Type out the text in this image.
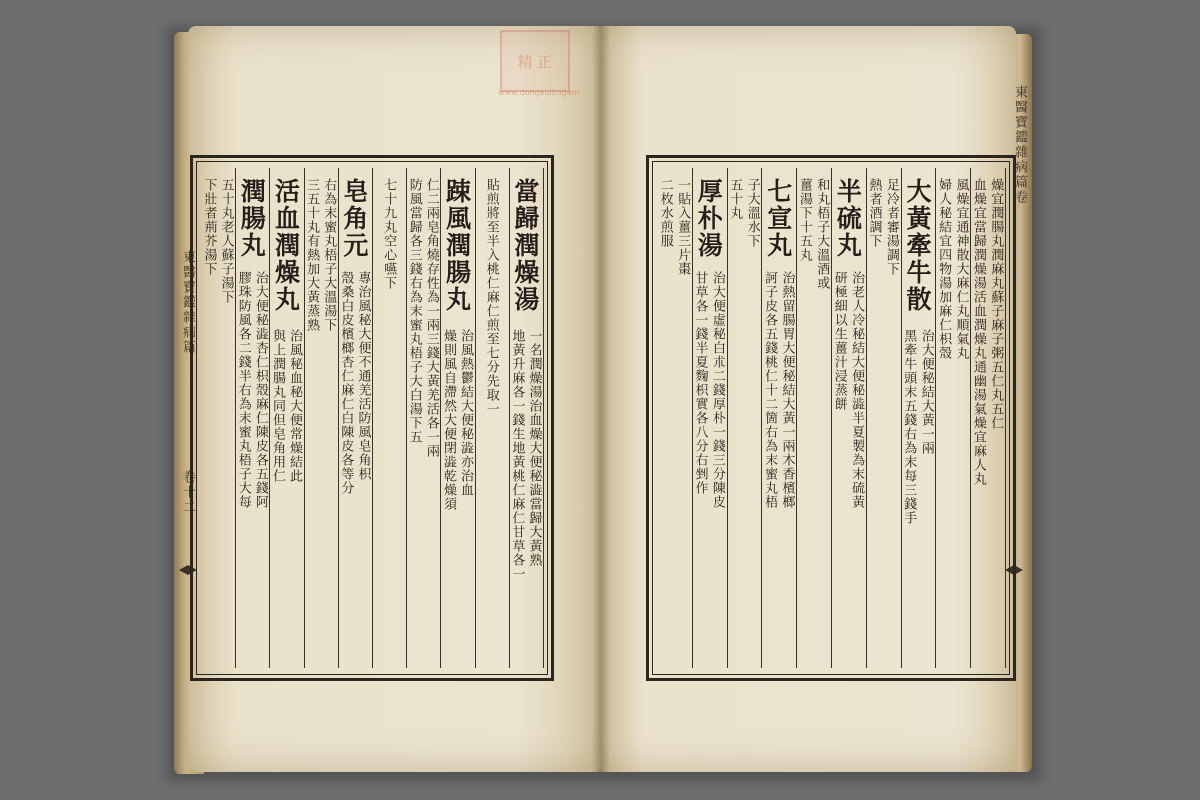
精 正
www.dongeuibogam
東醫寶鑑雜病篇
卷十二
東醫寶鑑雜病篇卷
當歸潤燥湯
一名潤燥湯治血燥大便秘澁當歸大黃熟
地黃升麻各一錢生地黃桃仁麻仁甘草各一
貼煎將至半入桃仁麻仁煎至七分先取一
踈風潤腸丸
治風熱鬱結大便秘澁亦治血
燥則風自滯然大便閉澁乾燥須
仁二兩皂角燒存性為一兩三錢大黃羌活各一兩
防風當歸各三錢右為末蜜丸梧子大白湯下五
七十九丸空心嚥下
皂角元
專治風秘大便不通羌活防風皂角枳
殼桑白皮檳榔杏仁麻仁白陳皮各等分
右為末蜜丸梧子大溫湯下
三五十丸有熱加大黃蒸熟
活血潤燥丸
治風秘血秘大便常燥結此
與上潤腸丸同但皂角用仁
潤腸丸
治大便秘澁杏仁枳殼麻仁陳皮各五錢阿
膠珠防風各二錢半右為末蜜丸梧子大每
五十丸老人蘇子湯下
下壯者荊芥湯下	燥宜潤腸丸潤麻丸蘇子麻子粥五仁丸五仁
血燥宜當歸潤燥湯活血潤燥丸通幽湯氣燥宜麻人丸
風燥宜通神散大麻仁丸順氣丸
婦人秘結宜四物湯加麻仁枳殼
大黃牽牛散
治大便秘結大黃一兩
黑牽牛頭末五錢右為末每三錢手
足冷者審湯調下
熱者酒調下
半硫丸
治老人冷秘結大便秘澁半夏製為末硫黃
研極細以生薑汁浸蒸餅
和丸梧子大溫酒或
薑湯下十五丸
七宣丸
治熱留腸胃大便秘結大黃一兩木香檳榔
訶子皮各五錢桃仁十二箇右為末蜜丸梧
子大溫水下
五十丸
厚朴湯
治大便虛秘白朮二錢厚朴一錢三分陳皮
甘草各一錢半夏麴枳實各八分右剉作
一貼入薑三片棗
二枚水煎服
